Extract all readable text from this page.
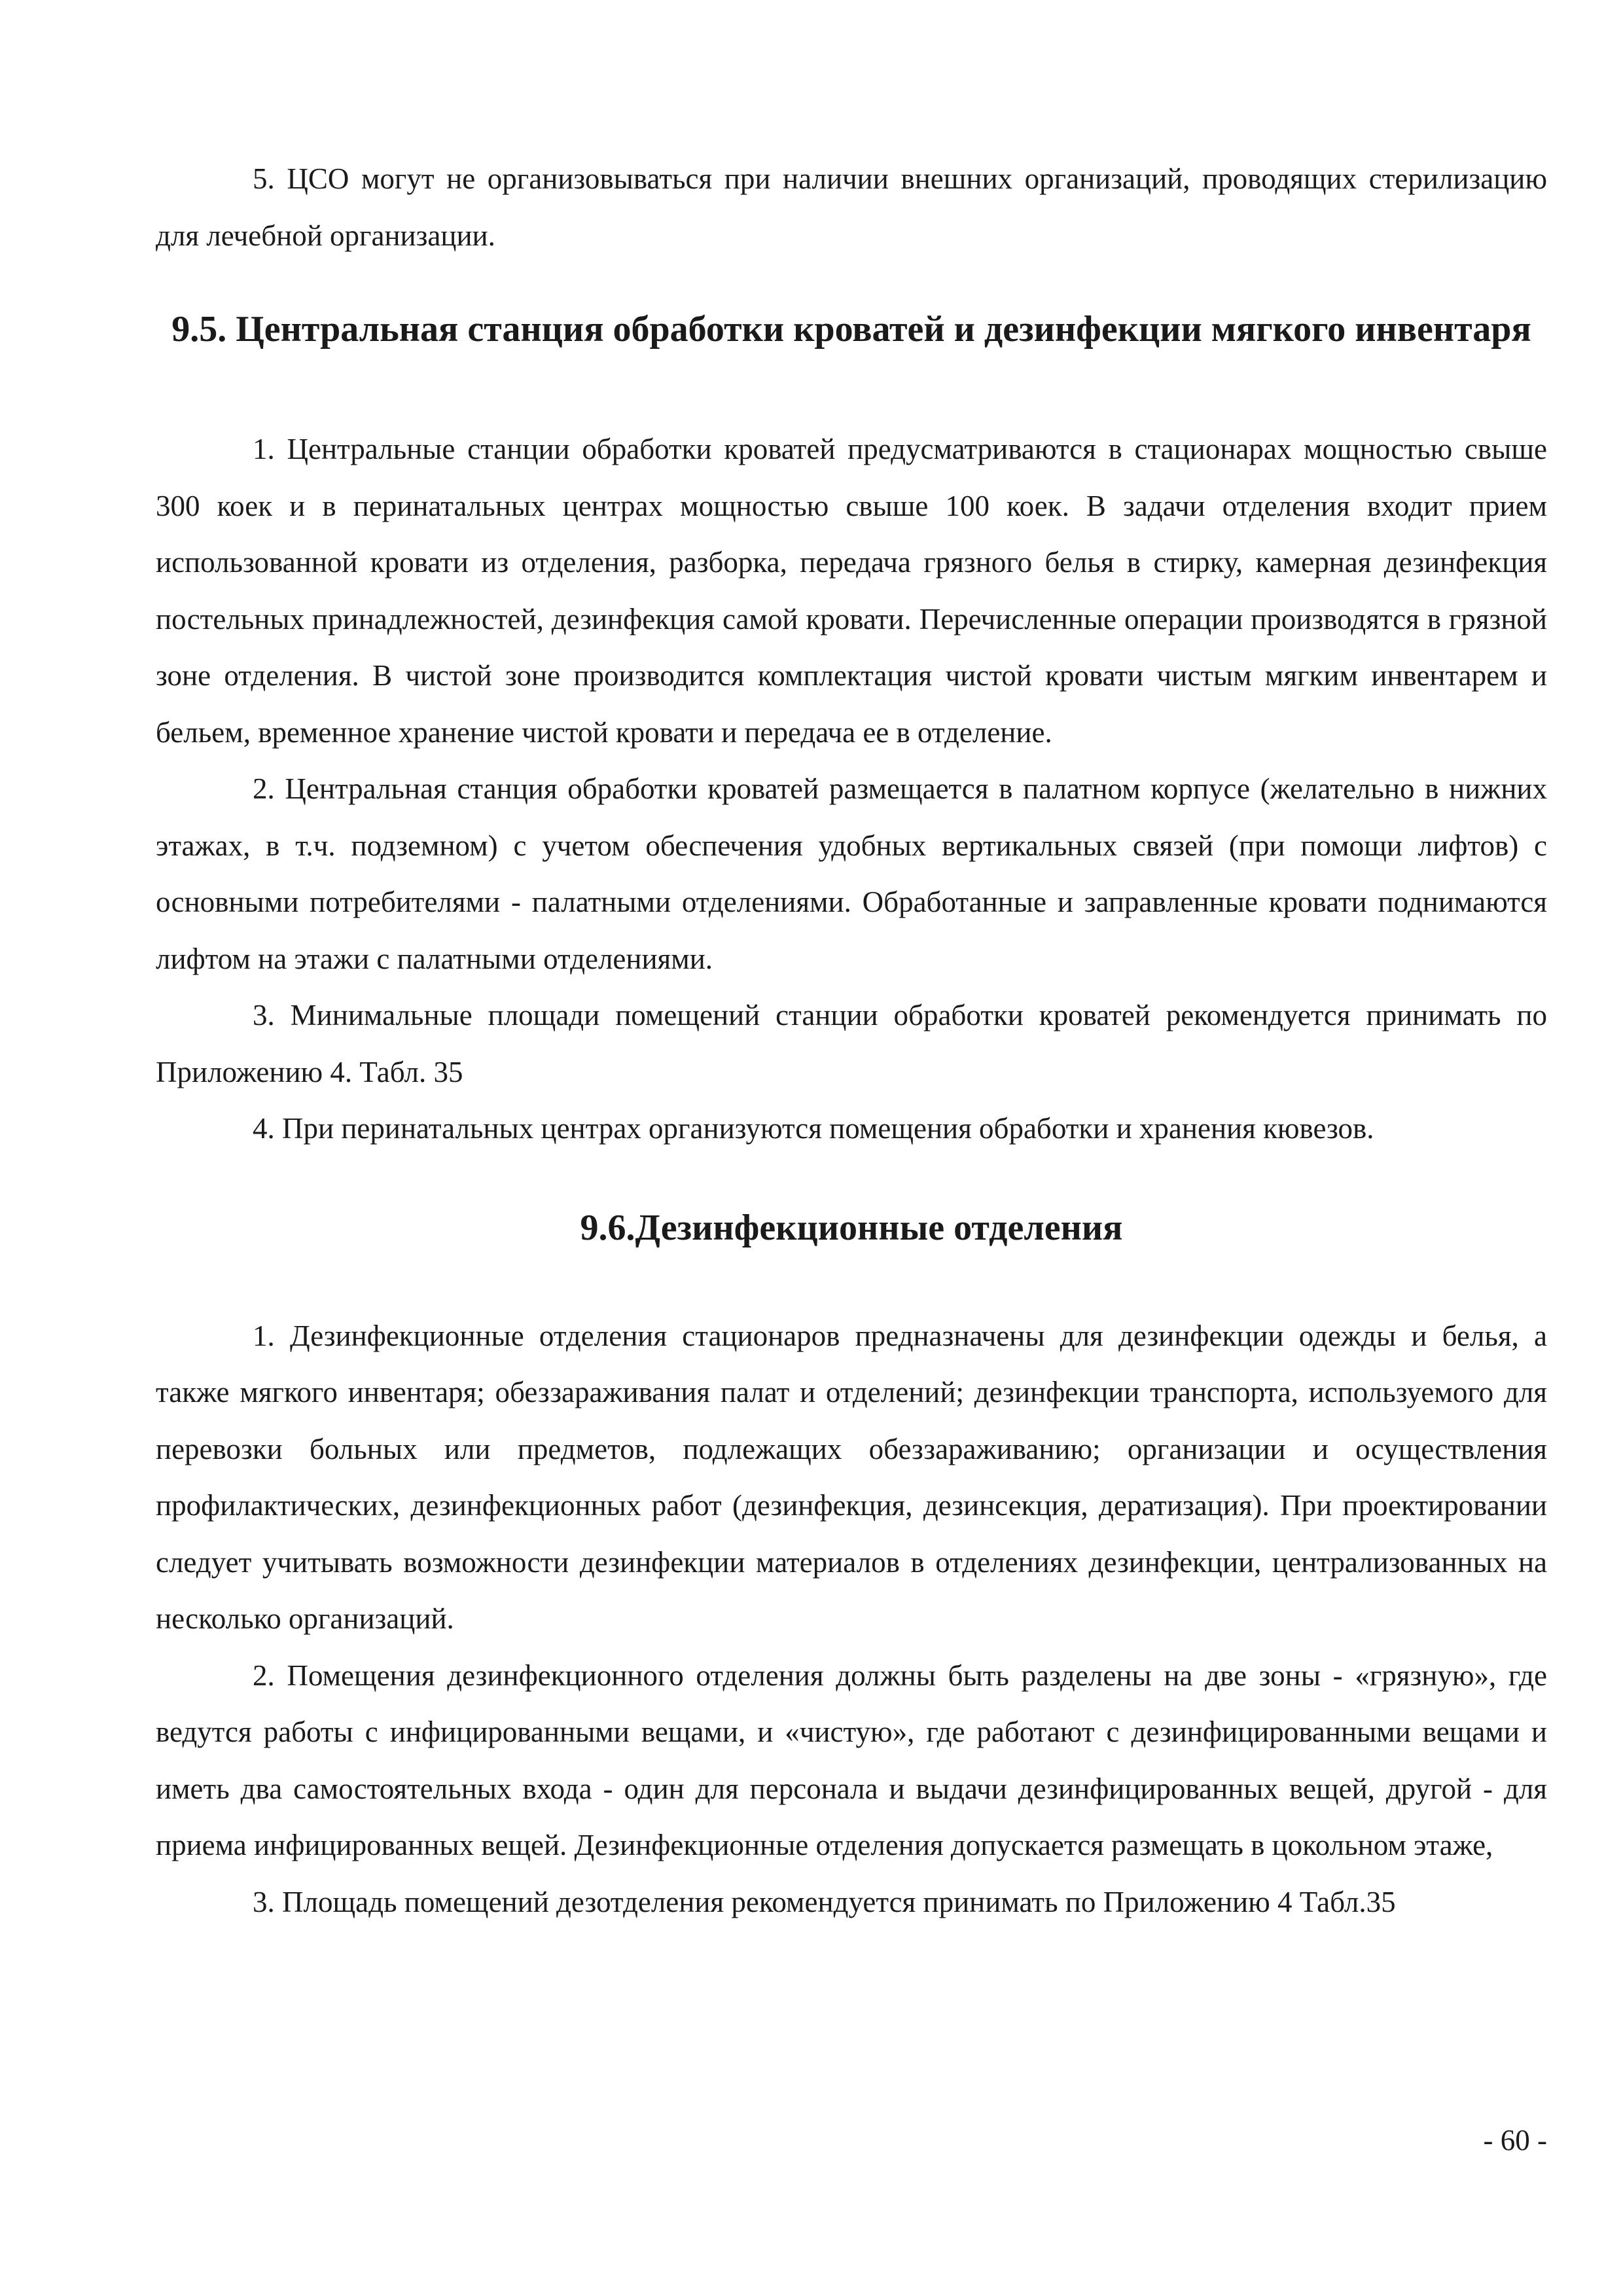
5. ЦСО могут не организовываться при наличии внешних организаций, проводящих стерилизацию для лечебной организации.

9.5. Центральная станция обработки кроватей и дезинфекции мягкого инвентаря

1. Центральные станции обработки кроватей предусматриваются в стационарах мощностью свыше 300 коек и в перинатальных центрах мощностью свыше 100 коек. В задачи отделения входит прием использованной кровати из отделения, разборка, передача грязного белья в стирку, камерная дезинфекция постельных принадлежностей, дезинфекция самой кровати. Перечисленные операции производятся в грязной зоне отделения. В чистой зоне производится комплектация чистой кровати чистым мягким инвентарем и бельем, временное хранение чистой кровати и передача ее в отделение.

2. Центральная станция обработки кроватей размещается в палатном корпусе (желательно в нижних этажах, в т.ч. подземном) с учетом обеспечения удобных вертикальных связей (при помощи лифтов) с основными потребителями - палатными отделениями. Обработанные и заправленные кровати поднимаются лифтом на этажи с палатными отделениями.

3. Минимальные площади помещений станции обработки кроватей рекомендуется принимать по Приложению 4. Табл. 35

4. При перинатальных центрах организуются помещения обработки и хранения кювезов.

9.6.Дезинфекционные отделения

1. Дезинфекционные отделения стационаров предназначены для дезинфекции одежды и белья, а также мягкого инвентаря; обеззараживания палат и отделений; дезинфекции транспорта, используемого для перевозки больных или предметов, подлежащих обеззараживанию; организации и осуществления профилактических, дезинфекционных работ (дезинфекция, дезинсекция, дератизация). При проектировании следует учитывать возможности дезинфекции материалов в отделениях дезинфекции, централизованных на несколько организаций.

2. Помещения дезинфекционного отделения должны быть разделены на две зоны - «грязную», где ведутся работы с инфицированными вещами, и «чистую», где работают с дезинфицированными вещами и иметь два самостоятельных входа - один для персонала и выдачи дезинфицированных вещей, другой - для приема инфицированных вещей. Дезинфекционные отделения допускается размещать в цокольном этаже,

3. Площадь помещений дезотделения рекомендуется принимать по Приложению 4 Табл.35

- 60 -
